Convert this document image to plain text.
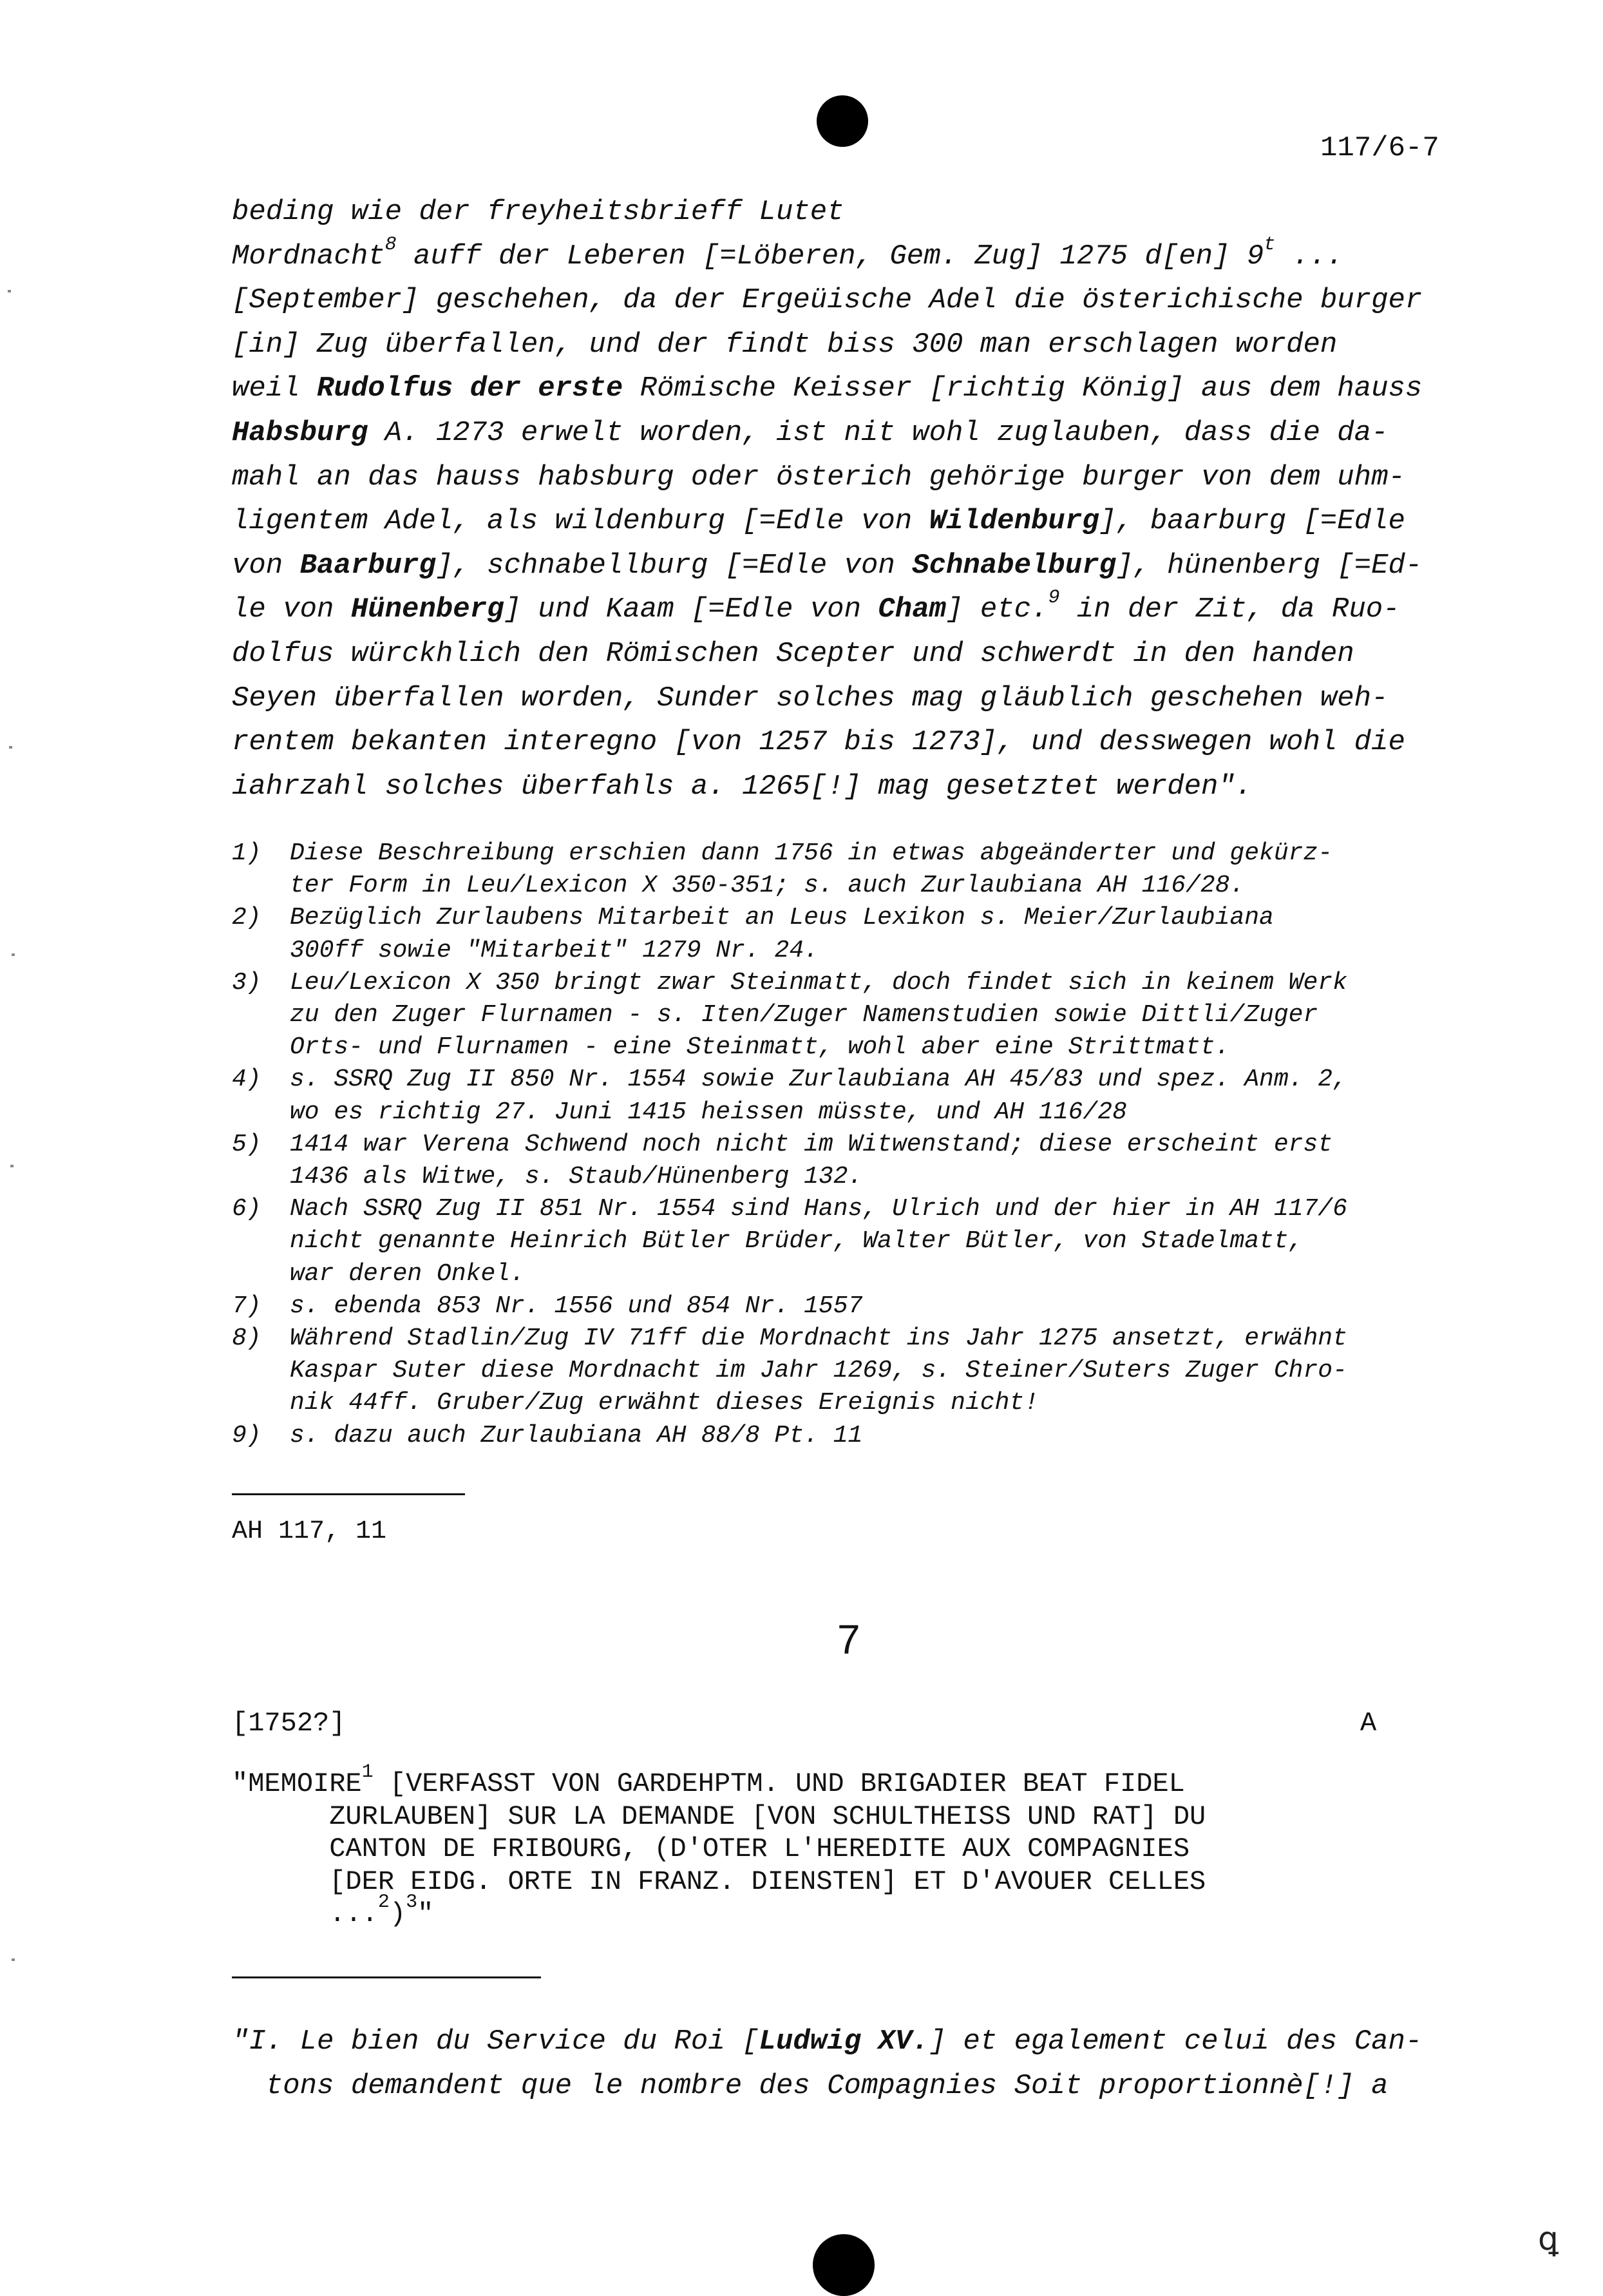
117/6-7
beding wie der freyheitsbrieff Lutet
Mordnacht$^8$ auff der Leberen [=Löberen, Gem. Zug] 1275 d[en] 9$^t$ ...
[September] geschehen, da der Ergeüische Adel die österichische burger
[in] Zug überfallen, und der findt biss 300 man erschlagen worden
weil Rudolfus der erste Römische Keisser [richtig König] aus dem hauss
Habsburg A. 1273 erwelt worden, ist nit wohl zuglauben, dass die da-
mahl an das hauss habsburg oder österich gehörige burger von dem uhm-
ligentem Adel, als wildenburg [=Edle von Wildenburg], baarburg [=Edle
von Baarburg], schnabellburg [=Edle von Schnabelburg], hünenberg [=Ed-
le von Hünenberg] und Kaam [=Edle von Cham] etc.$^9$ in der Zit, da Ruo-
dolfus würckhlich den Römischen Scepter und schwerdt in den handen
Seyen überfallen worden, Sunder solches mag gläublich geschehen weh-
rentem bekanten interegno [von 1257 bis 1273], und desswegen wohl die
iahrzahl solches überfahls a. 1265[!] mag gesetztet werden".
1) Diese Beschreibung erschien dann 1756 in etwas abgeänderter und gekürz-
ter Form in Leu/Lexicon X 350-351; s. auch Zurlaubiana AH 116/28.
2) Bezüglich Zurlaubens Mitarbeit an Leus Lexikon s. Meier/Zurlaubiana
300ff sowie "Mitarbeit" 1279 Nr. 24.
3) Leu/Lexicon X 350 bringt zwar Steinmatt, doch findet sich in keinem Werk
zu den Zuger Flurnamen - s. Iten/Zuger Namenstudien sowie Dittli/Zuger
Orts- und Flurnamen - eine Steinmatt, wohl aber eine Strittmatt.
4) s. SSRQ Zug II 850 Nr. 1554 sowie Zurlaubiana AH 45/83 und spez. Anm. 2,
wo es richtig 27. Juni 1415 heissen müsste, und AH 116/28
5) 1414 war Verena Schwend noch nicht im Witwenstand; diese erscheint erst
1436 als Witwe, s. Staub/Hünenberg 132.
6) Nach SSRQ Zug II 851 Nr. 1554 sind Hans, Ulrich und der hier in AH 117/6
nicht genannte Heinrich Bütler Brüder, Walter Bütler, von Stadelmatt,
war deren Onkel.
7) s. ebenda 853 Nr. 1556 und 854 Nr. 1557
8) Während Stadlin/Zug IV 71ff die Mordnacht ins Jahr 1275 ansetzt, erwähnt
Kaspar Suter diese Mordnacht im Jahr 1269, s. Steiner/Suters Zuger Chro-
nik 44ff. Gruber/Zug erwähnt dieses Ereignis nicht!
9) s. dazu auch Zurlaubiana AH 88/8 Pt. 11
AH 117, 11
7
[1752?]	A
"MEMOIRE$^1$ [VERFASST VON GARDEHPTM. UND BRIGADIER BEAT FIDEL
ZURLAUBEN] SUR LA DEMANDE [VON SCHULTHEISS UND RAT] DU
CANTON DE FRIBOURG, (D'OTER L'HEREDITE AUX COMPAGNIES
[DER EIDG. ORTE IN FRANZ. DIENSTEN] ET D'AVOUER CELLES
...$^2$)$^3$"
"I. Le bien du Service du Roi [Ludwig XV.] et egalement celui des Can-
tons demandent que le nombre des Compagnies Soit proportionnè[!] a
ꝗ
